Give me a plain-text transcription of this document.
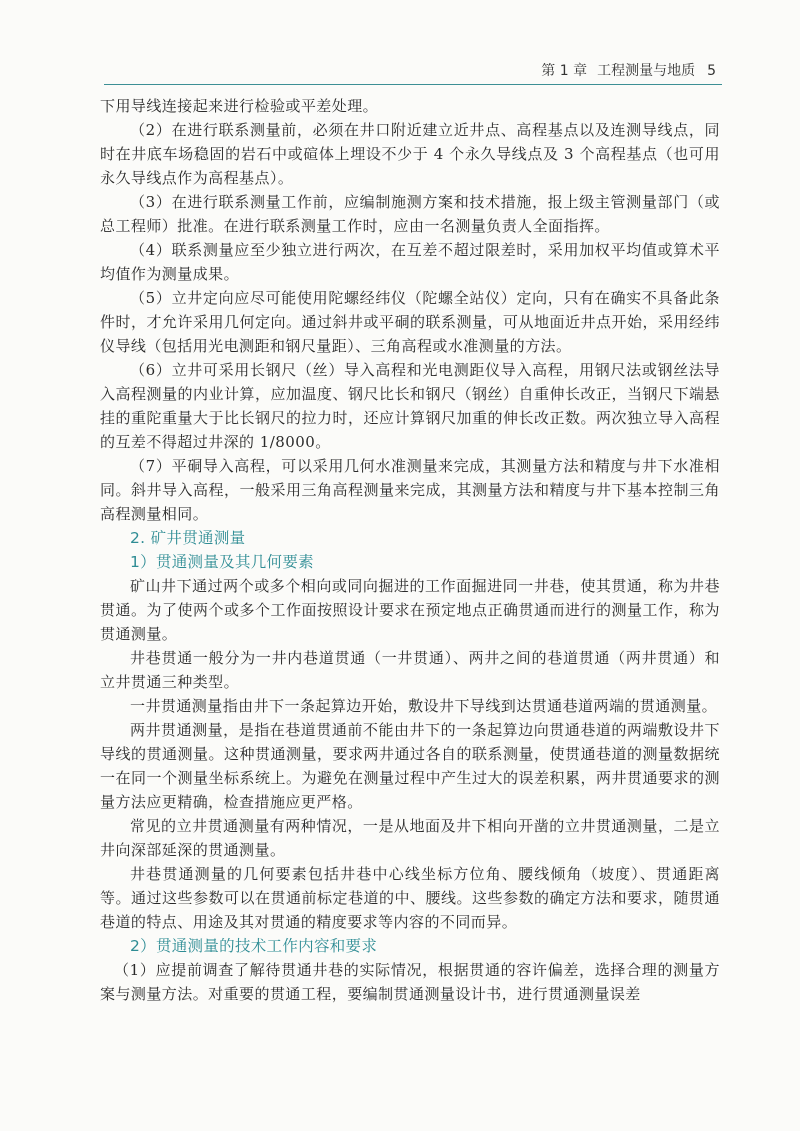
第 1 章 工程测量与地质 5

下用导线连接起来进行检验或平差处理。

（2）在进行联系测量前，必须在井口附近建立近井点、高程基点以及连测导线点，同时在井底车场稳固的岩石中或碹体上埋设不少于 4 个永久导线点及 3 个高程基点（也可用永久导线点作为高程基点）。

（3）在进行联系测量工作前，应编制施测方案和技术措施，报上级主管测量部门（或总工程师）批准。在进行联系测量工作时，应由一名测量负责人全面指挥。

（4）联系测量应至少独立进行两次，在互差不超过限差时，采用加权平均值或算术平均值作为测量成果。

（5）立井定向应尽可能使用陀螺经纬仪（陀螺全站仪）定向，只有在确实不具备此条件时，才允许采用几何定向。通过斜井或平硐的联系测量，可从地面近井点开始，采用经纬仪导线（包括用光电测距和钢尺量距）、三角高程或水准测量的方法。

（6）立井可采用长钢尺（丝）导入高程和光电测距仪导入高程，用钢尺法或钢丝法导入高程测量的内业计算，应加温度、钢尺比长和钢尺（钢丝）自重伸长改正，当钢尺下端悬挂的重陀重量大于比长钢尺的拉力时，还应计算钢尺加重的伸长改正数。两次独立导入高程的互差不得超过井深的 1/8000。

（7）平硐导入高程，可以采用几何水准测量来完成，其测量方法和精度与井下水准相同。斜井导入高程，一般采用三角高程测量来完成，其测量方法和精度与井下基本控制三角高程测量相同。

2. 矿井贯通测量
1）贯通测量及其几何要素

矿山井下通过两个或多个相向或同向掘进的工作面掘进同一井巷，使其贯通，称为井巷贯通。为了使两个或多个工作面按照设计要求在预定地点正确贯通而进行的测量工作，称为贯通测量。

井巷贯通一般分为一井内巷道贯通（一井贯通）、两井之间的巷道贯通（两井贯通）和立井贯通三种类型。

一井贯通测量指由井下一条起算边开始，敷设井下导线到达贯通巷道两端的贯通测量。

两井贯通测量，是指在巷道贯通前不能由井下的一条起算边向贯通巷道的两端敷设井下导线的贯通测量。这种贯通测量，要求两井通过各自的联系测量，使贯通巷道的测量数据统一在同一个测量坐标系统上。为避免在测量过程中产生过大的误差积累，两井贯通要求的测量方法应更精确，检查措施应更严格。

常见的立井贯通测量有两种情况，一是从地面及井下相向开凿的立井贯通测量，二是立井向深部延深的贯通测量。

井巷贯通测量的几何要素包括井巷中心线坐标方位角、腰线倾角（坡度）、贯通距离等。通过这些参数可以在贯通前标定巷道的中、腰线。这些参数的确定方法和要求，随贯通巷道的特点、用途及其对贯通的精度要求等内容的不同而异。

2）贯通测量的技术工作内容和要求

（1）应提前调查了解待贯通井巷的实际情况，根据贯通的容许偏差，选择合理的测量方案与测量方法。对重要的贯通工程，要编制贯通测量设计书，进行贯通测量误差
